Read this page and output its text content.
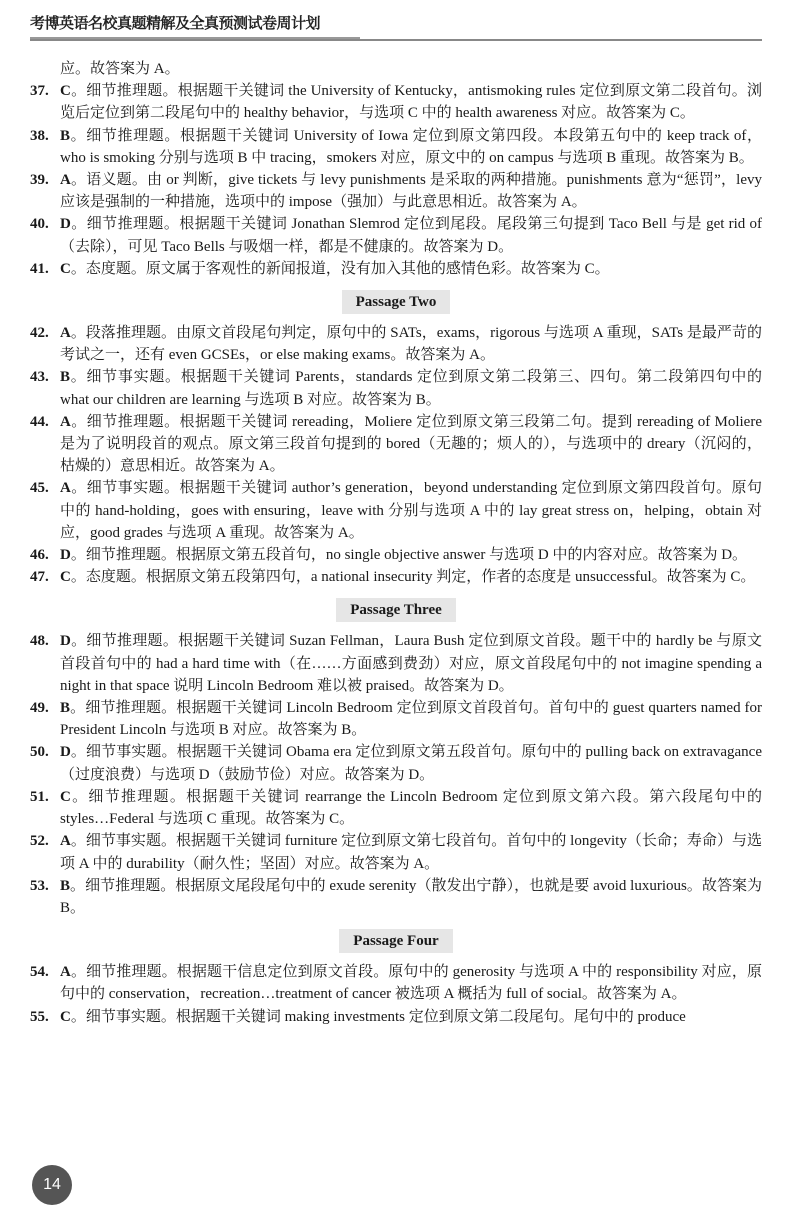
考博英语名校真题精解及全真预测试卷周计划
应。故答案为 A。
37. C。细节推理题。根据题干关键词 the University of Kentucky，antismoking rules 定位到原文第二段首句。浏览后定位到第二段尾句中的 healthy behavior，与选项 C 中的 health awareness 对应。故答案为 C。
38. B。细节推理题。根据题干关键词 University of Iowa 定位到原文第四段。本段第五句中的 keep track of，who is smoking 分别与选项 B 中 tracing，smokers 对应，原文中的 on campus 与选项 B 重现。故答案为 B。
39. A。语义题。由 or 判断，give tickets 与 levy punishments 是采取的两种措施。punishments 意为“惩罚”，levy 应该是强制的一种措施，选项中的 impose（强加）与此意思相近。故答案为 A。
40. D。细节推理题。根据题干关键词 Jonathan Slemrod 定位到尾段。尾段第三句提到 Taco Bell 与是 get rid of（去除），可见 Taco Bells 与吸烟一样，都是不健康的。故答案为 D。
41. C。态度题。原文属于客观性的新闻报道，没有加入其他的感情色彩。故答案为 C。
Passage Two
42. A。段落推理题。由原文首段尾句判定，原句中的 SATs，exams，rigorous 与选项 A 重现，SATs 是最严苛的考试之一，还有 even GCSEs，or else making exams。故答案为 A。
43. B。细节事实题。根据题干关键词 Parents，standards 定位到原文第二段第三、四句。第二段第四句中的 what our children are learning 与选项 B 对应。故答案为 B。
44. A。细节推理题。根据题干关键词 rereading，Moliere 定位到原文第三段第二句。提到 rereading of Moliere 是为了说明段首的观点。原文第三段首句提到的 bored（无趣的；烦人的），与选项中的 dreary（沉闷的，枯燥的）意思相近。故答案为 A。
45. A。细节事实题。根据题干关键词 author’s generation，beyond understanding 定位到原文第四段首句。原句中的 hand-holding，goes with ensuring，leave with 分别与选项 A 中的 lay great stress on，helping，obtain 对应，good grades 与选项 A 重现。故答案为 A。
46. D。细节推理题。根据原文第五段首句，no single objective answer 与选项 D 中的内容对应。故答案为 D。
47. C。态度题。根据原文第五段第四句，a national insecurity 判定，作者的态度是 unsuccessful。故答案为 C。
Passage Three
48. D。细节推理题。根据题干关键词 Suzan Fellman，Laura Bush 定位到原文首段。题干中的 hardly be 与原文首段首句中的 had a hard time with（在……方面感到费劲）对应，原文首段尾句中的 not imagine spending a night in that space 说明 Lincoln Bedroom 难以被 praised。故答案为 D。
49. B。细节推理题。根据题干关键词 Lincoln Bedroom 定位到原文首段首句。首句中的 guest quarters named for President Lincoln 与选项 B 对应。故答案为 B。
50. D。细节事实题。根据题干关键词 Obama era 定位到原文第五段首句。原句中的 pulling back on extravagance（过度浪费）与选项 D（鼓励节俭）对应。故答案为 D。
51. C。细节推理题。根据题干关键词 rearrange the Lincoln Bedroom 定位到原文第六段。第六段尾句中的 styles…Federal 与选项 C 重现。故答案为 C。
52. A。细节事实题。根据题干关键词 furniture 定位到原文第七段首句。首句中的 longevity（长命；寿命）与选项 A 中的 durability（耐久性；坚固）对应。故答案为 A。
53. B。细节推理题。根据原文尾段尾句中的 exude serenity（散发出宁静），也就是要 avoid luxurious。故答案为 B。
Passage Four
54. A。细节推理题。根据题干信息定位到原文首段。原句中的 generosity 与选项 A 中的 responsibility 对应，原句中的 conservation，recreation…treatment of cancer 被选项 A 概括为 full of social。故答案为 A。
55. C。细节事实题。根据题干关键词 making investments 定位到原文第二段尾句。尾句中的 produce
14
